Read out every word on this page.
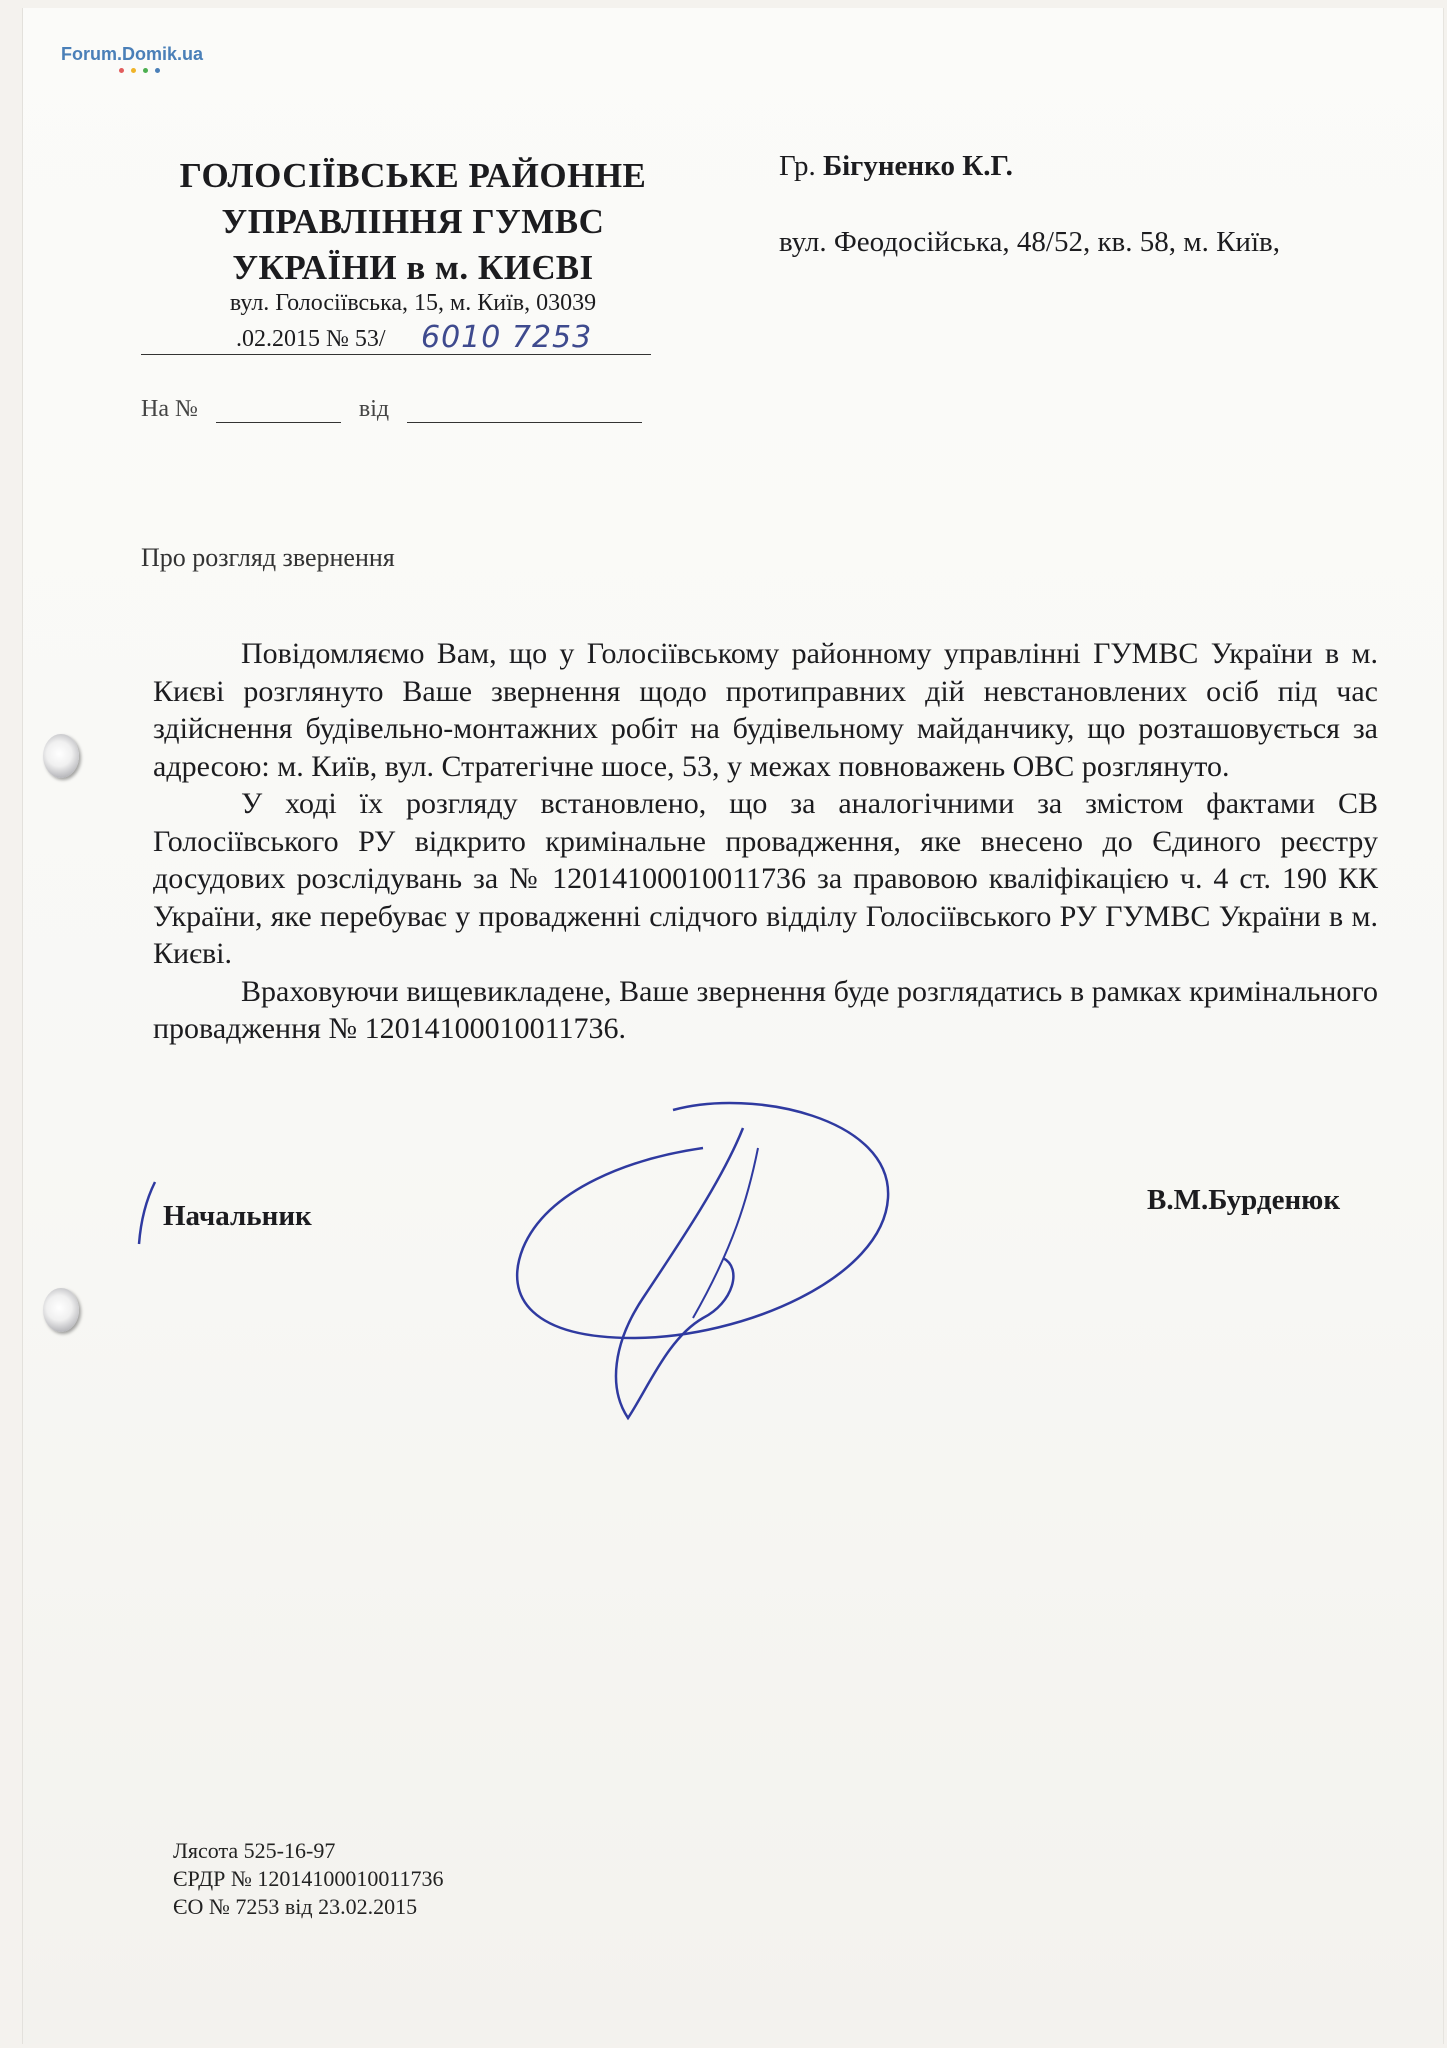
Forum.Domik.ua
ГОЛОСІЇВСЬКЕ РАЙОННЕ
УПРАВЛІННЯ ГУМВС
УКРАЇНИ в м. КИЄВІ
вул. Голосіївська, 15, м. Київ, 03039
.02.2015 № 53/ 6010 7253
На №	від
Гр. Бігуненко К.Г.
вул. Феодосійська, 48/52, кв. 58, м. Київ,
Про розгляд звернення

Повідомляємо Вам, що у Голосіївському районному управлінні ГУМВС України в м. Києві розглянуто Ваше звернення щодо протиправних дій невстановлених осіб під час здійснення будівельно-монтажних робіт на будівельному майданчику, що розташовується за адресою: м. Київ, вул. Стратегічне шосе, 53, у межах повноважень ОВС розглянуто.

У ході їх розгляду встановлено, що за аналогічними за змістом фактами СВ Голосіївського РУ відкрито кримінальне провадження, яке внесено до Єдиного реєстру досудових розслідувань за № 12014100010011736 за правовою кваліфікацією ч. 4 ст. 190 КК України, яке перебуває у провадженні слідчого відділу Голосіївського РУ ГУМВС України в м. Києві.

Враховуючи вищевикладене, Ваше звернення буде розглядатись в рамках кримінального провадження № 12014100010011736.

Начальник	В.М.Бурденюк
Лясота 525-16-97
ЄРДР № 12014100010011736
ЄО № 7253 від 23.02.2015
